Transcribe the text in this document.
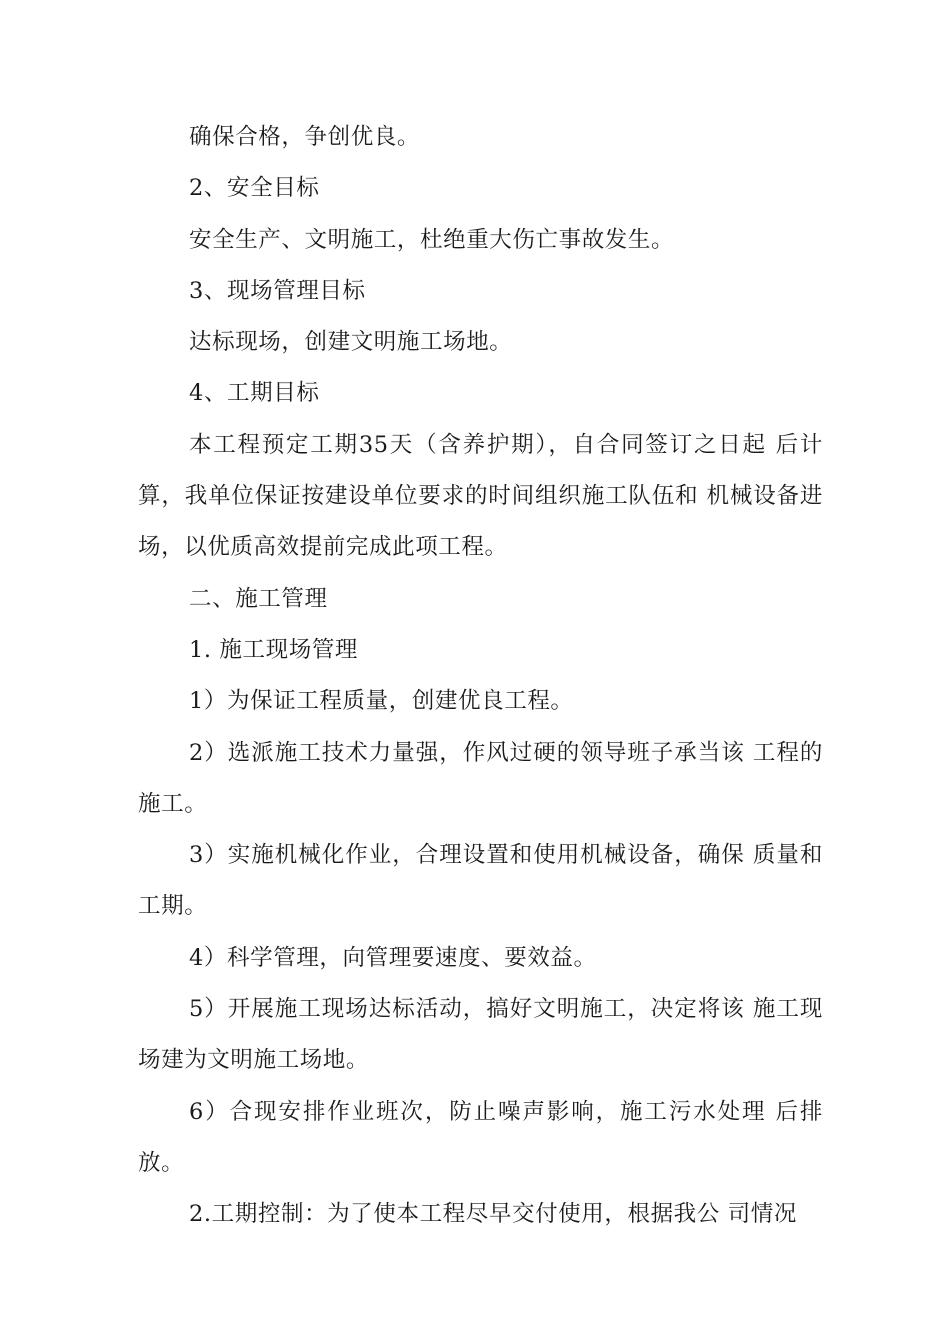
确保合格，争创优良。

2、安全目标

安全生产、文明施工，杜绝重大伤亡事故发生。

3、现场管理目标

达标现场，创建文明施工场地。

4、工期目标

本工程预定工期35天（含养护期），自合同签订之日起 后计算，我单位保证按建设单位要求的时间组织施工队伍和 机械设备进场，以优质高效提前完成此项工程。

二、施工管理

1. 施工现场管理

1）为保证工程质量，创建优良工程。

2）选派施工技术力量强，作风过硬的领导班子承当该 工程的施工。

3）实施机械化作业，合理设置和使用机械设备，确保 质量和工期。

4）科学管理，向管理要速度、要效益。

5）开展施工现场达标活动，搞好文明施工，决定将该 施工现场建为文明施工场地。

6）合现安排作业班次，防止噪声影响，施工污水处理 后排放。

2.工期控制：为了使本工程尽早交付使用，根据我公 司情况
